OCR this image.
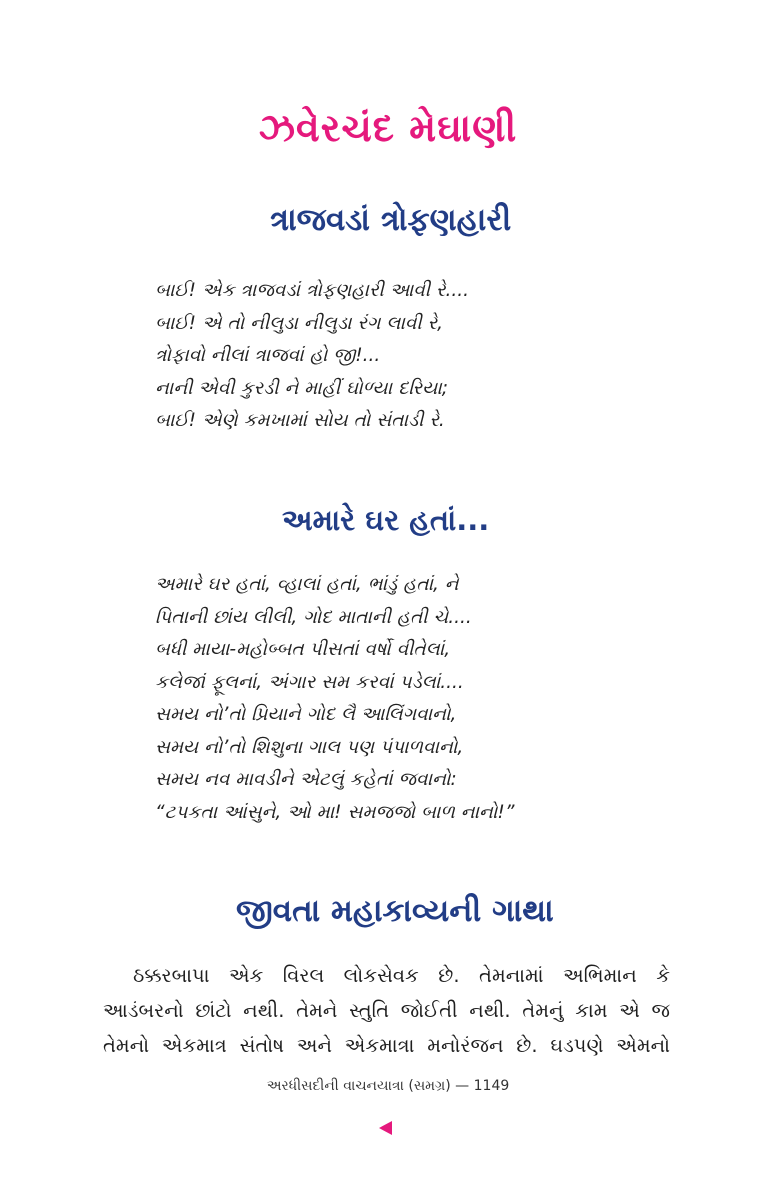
ઝવેરચંદ મેઘાણી
ત્રાજવડાં ત્રોફણહારી
બાઈ! એક ત્રાજવડાં ત્રોફણહારી આવી રે....
બાઈ! એ તો નીલુડા નીલુડા રંગ લાવી રે,
ત્રોફાવો નીલાં ત્રાજવાં હો જી!...
નાની એવી કુરડી ને માહીં ઘોળ્યા દરિયા;
બાઈ! એણે કમખામાં સોય તો સંતાડી રે.
અમારે ઘર હતાં...
અમારે ઘર હતાં, વ્હાલાં હતાં, ભાંડું હતાં, ને
પિતાની છાંય લીલી, ગોદ માતાની હતી ચે....
બધી માયા-મહોબ્બત પીસતાં વર્ષો વીતેલાં,
કલેજાં ફૂલનાં, અંગાર સમ કરવાં પડેલાં....
સમય નો’તો પ્રિયાને ગોદ લૈ આલિંગવાનો,
સમય નો’તો શિશુના ગાલ પણ પંપાળવાનો,
સમય નવ માવડીને એટલું કહેતાં જવાનો:
“ટપકતા આંસુને, ઓ મા! સમજજો બાળ નાનો!”
જીવતા મહાકાવ્યની ગાથા
ઠક્કરબાપા એક વિરલ લોકસેવક છે. તેમનામાં અભિમાન કે
આડંબરનો છાંટો નથી. તેમને સ્તુતિ જોઈતી નથી. તેમનું કામ એ જ
તેમનો એકમાત્ર સંતોષ અને એકમાત્રા મનોરંજન છે. ઘડપણે એમનો
અરધીસદીની વાચનયાત્રા (સમગ્ર) — 1149
